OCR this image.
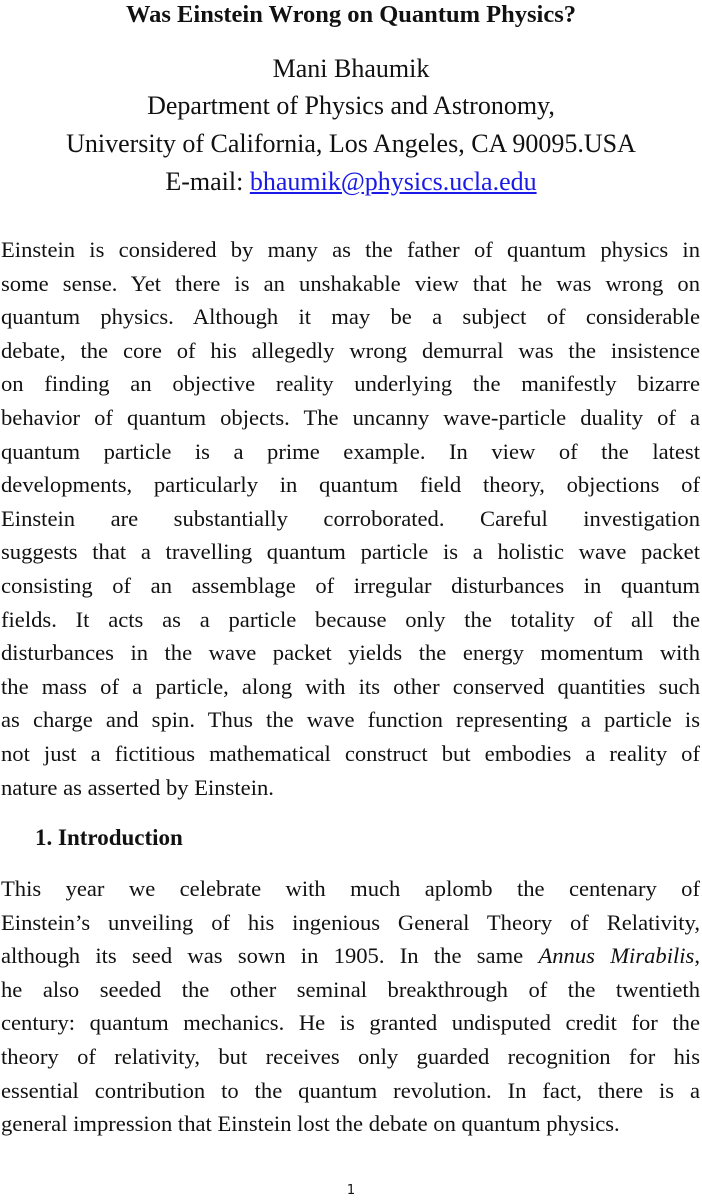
Was Einstein Wrong on Quantum Physics?
Mani Bhaumik
Department of Physics and Astronomy,
University of California, Los Angeles, CA 90095.USA
E-mail: bhaumik@physics.ucla.edu
Einstein is considered by many as the father of quantum physics in
some sense. Yet there is an unshakable view that he was wrong on
quantum physics. Although it may be a subject of considerable
debate, the core of his allegedly wrong demurral was the insistence
on finding an objective reality underlying the manifestly bizarre
behavior of quantum objects. The uncanny wave-particle duality of a
quantum particle is a prime example. In view of the latest
developments, particularly in quantum field theory, objections of
Einstein are substantially corroborated. Careful investigation
suggests that a travelling quantum particle is a holistic wave packet
consisting of an assemblage of irregular disturbances in quantum
fields. It acts as a particle because only the totality of all the
disturbances in the wave packet yields the energy momentum with
the mass of a particle, along with its other conserved quantities such
as charge and spin. Thus the wave function representing a particle is
not just a fictitious mathematical construct but embodies a reality of
nature as asserted by Einstein.
1. Introduction
This year we celebrate with much aplomb the centenary of
Einstein’s unveiling of his ingenious General Theory of Relativity,
although its seed was sown in 1905. In the same Annus Mirabilis,
he also seeded the other seminal breakthrough of the twentieth
century: quantum mechanics. He is granted undisputed credit for the
theory of relativity, but receives only guarded recognition for his
essential contribution to the quantum revolution. In fact, there is a
general impression that Einstein lost the debate on quantum physics.
1
